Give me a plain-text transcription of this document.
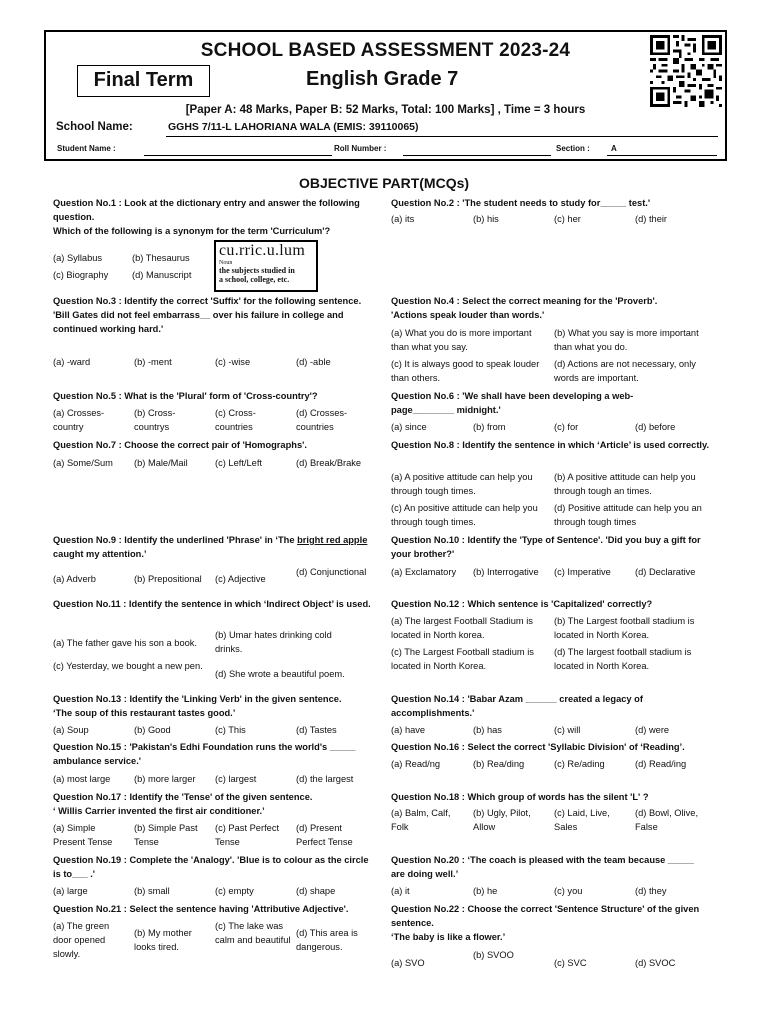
SCHOOL BASED ASSESSMENT 2023-24
Final Term	English Grade 7
[Paper A: 48 Marks, Paper B: 52 Marks, Total: 100 Marks] , Time = 3 hours
School Name:	GGHS 7/11-L LAHORIANA WALA (EMIS: 39110065)
Student Name :	Roll Number :	Section :	A
OBJECTIVE PART(MCQs)
Question No.1 : Look at the dictionary entry and answer the following question.
Which of the following is a synonym for the term 'Curriculum'?
(a) Syllabus	(b) Thesaurus
(c) Biography	(d) Manuscript
cu.rric.u.lum
Noun
the subjects studied in
a school, college, etc.
Question No.2 : 'The student needs to study for_____ test.'
(a) its	(b) his	(c) her	(d) their
Question No.3 : Identify the correct 'Suffix' for the following sentence.
'Bill Gates did not feel embarrass__ over his failure in college and continued working hard.'
(a) -ward	(b) -ment	(c) -wise	(d) -able
Question No.4 : Select the correct meaning for the 'Proverb'. 'Actions speak louder than words.'
(a) What you do is more important than what you say.
(b) What you say is more important than what you do.
(c) It is always good to speak louder than others.
(d) Actions are not necessary, only words are important.
Question No.5 : What is the 'Plural' form of 'Cross-country'?
(a) Crosses-country
(b) Cross-countrys
(c) Cross-countries
(d) Crosses-countries
Question No.6 : 'We shall have been developing a web-page________ midnight.'
(a) since	(b) from	(c) for	(d) before
Question No.7 : Choose the correct pair of 'Homographs'.
(a) Some/Sum (b) Male/Mail	(c) Left/Left	(d) Break/Brake
Question No.8 : Identify the sentence in which ‘Article’ is used correctly.
(a) A positive attitude can help you through tough times.
(b) A positive attitude can help you through tough an times.
(c) An positive attitude can help you through tough times.
(d) Positive attitude can help you an through tough times
Question No.9 : Identify the underlined 'Phrase' in ‘The bright red apple caught my attention.’
(a) Adverb	(b) Prepositional (c) Adjective
(d) Conjunctional
Question No.10 : Identify the 'Type of Sentence'. 'Did you buy a gift for your brother?'
(a) Exclamatory (b) Interrogative (c) Imperative	(d) Declarative
Question No.11 : Identify the sentence in which ‘Indirect Object’ is used.
(a) The father gave his son a book.
(b) Umar hates drinking cold drinks.
(c) Yesterday, we bought a new pen.
(d) She wrote a beautiful poem.
Question No.12 : Which sentence is 'Capitalized' correctly?
(a) The largest Football Stadium is located in North korea.
(b) The Largest football stadium is located in North Korea.
(c) The Largest Football stadium is located in North Korea.
(d) The largest football stadium is located in North Korea.
Question No.13 : Identify the 'Linking Verb' in the given sentence.
‘The soup of this restaurant tastes good.’
(a) Soup	(b) Good	(c) This	(d) Tastes
Question No.14 : 'Babar Azam ______ created a legacy of accomplishments.'
(a) have	(b) has	(c) will	(d) were
Question No.15 : 'Pakistan's Edhi Foundation runs the world's _____ ambulance service.'
(a) most large	(b) more larger (c) largest	(d) the largest
Question No.16 : Select the correct 'Syllabic Division' of ‘Reading’.
(a) Read/ng	(b) Rea/ding	(c) Re/ading	(d) Read/ing
Question No.17 : Identify the 'Tense' of the given sentence.
‘ Willis Carrier invented the first air conditioner.’
(a) Simple Present Tense
(b) Simple Past Tense
(c) Past Perfect Tense
(d) Present Perfect Tense
Question No.18 : Which group of words has the silent 'L' ?
(a) Balm, Calf, Folk
(b) Ugly, Pilot, Allow
(c) Laid, Live, Sales
(d) Bowl, Olive, False
Question No.19 : Complete the 'Analogy'. 'Blue is to colour as the circle is to___ .'
(a) large	(b) small	(c) empty	(d) shape
Question No.20 : ‘The coach is pleased with the team because _____ are doing well.’
(a) it	(b) he	(c) you	(d) they
Question No.21 : Select the sentence having 'Attributive Adjective'.
(a) The green door opened slowly.
(b) My mother looks tired.
(c) The lake was calm and beautiful
(d) This area is dangerous.
Question No.22 : Choose the correct 'Sentence Structure' of the given sentence.
‘The baby is like a flower.’
(a) SVO
(b) SVOO
(c) SVC	(d) SVOC
